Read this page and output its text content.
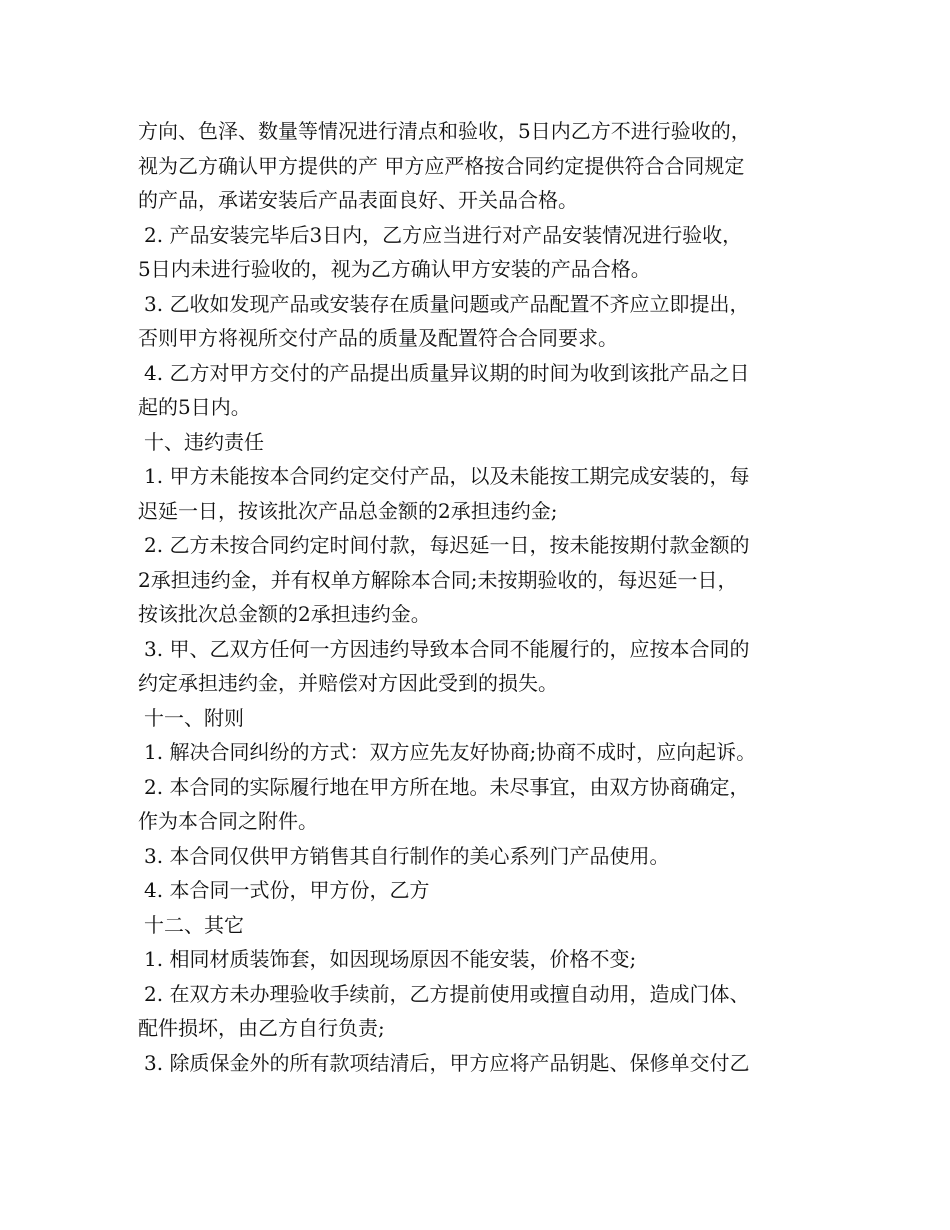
方向、色泽、数量等情况进行清点和验收，5日内乙方不进行验收的，
视为乙方确认甲方提供的产 甲方应严格按合同约定提供符合合同规定
的产品，承诺安装后产品表面良好、开关品合格。
2. 产品安装完毕后3日内，乙方应当进行对产品安装情况进行验收，
5日内未进行验收的，视为乙方确认甲方安装的产品合格。
3. 乙收如发现产品或安装存在质量问题或产品配置不齐应立即提出，
否则甲方将视所交付产品的质量及配置符合合同要求。
4. 乙方对甲方交付的产品提出质量异议期的时间为收到该批产品之日
起的5日内。
十、违约责任
1. 甲方未能按本合同约定交付产品，以及未能按工期完成安装的，每
迟延一日，按该批次产品总金额的2承担违约金;
2. 乙方未按合同约定时间付款，每迟延一日，按未能按期付款金额的
2承担违约金，并有权单方解除本合同;未按期验收的，每迟延一日，
按该批次总金额的2承担违约金。
3. 甲、乙双方任何一方因违约导致本合同不能履行的，应按本合同的
约定承担违约金，并赔偿对方因此受到的损失。
十一、附则
1. 解决合同纠纷的方式：双方应先友好协商;协商不成时，应向起诉。
2. 本合同的实际履行地在甲方所在地。未尽事宜，由双方协商确定，
作为本合同之附件。
3. 本合同仅供甲方销售其自行制作的美心系列门产品使用。
4. 本合同一式份，甲方份，乙方
十二、其它
1. 相同材质装饰套，如因现场原因不能安装，价格不变;
2. 在双方未办理验收手续前，乙方提前使用或擅自动用，造成门体、
配件损坏，由乙方自行负责;
3. 除质保金外的所有款项结清后，甲方应将产品钥匙、保修单交付乙
